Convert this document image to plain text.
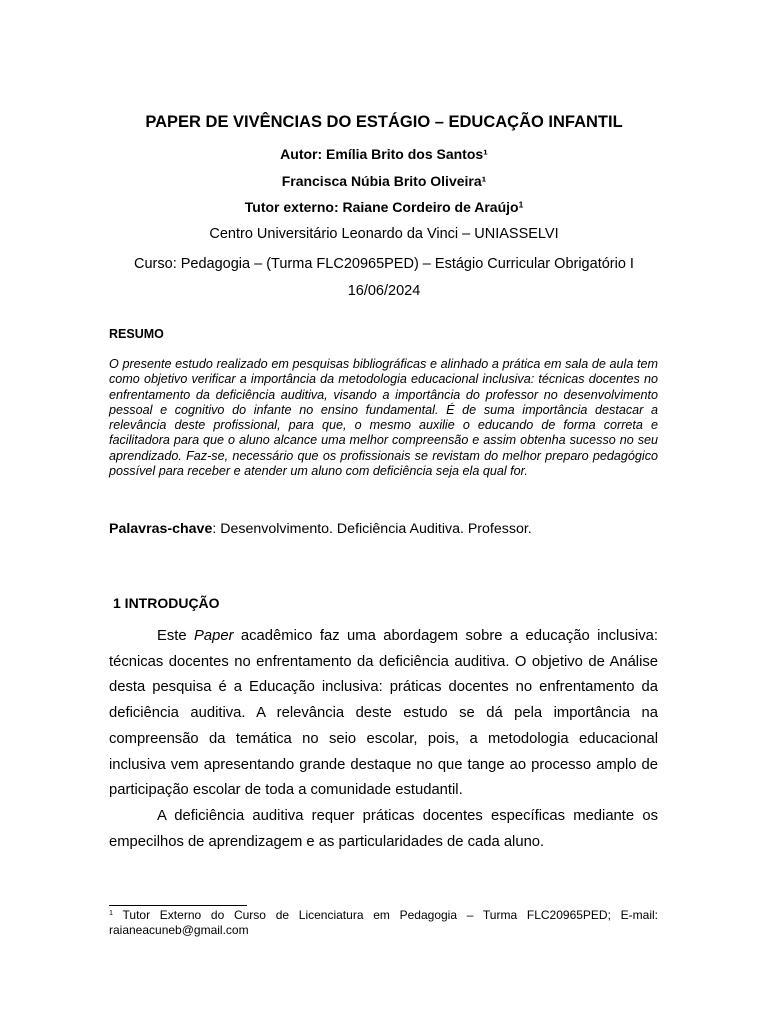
PAPER DE VIVÊNCIAS DO ESTÁGIO – EDUCAÇÃO INFANTIL
Autor: Emília Brito dos Santos¹
Francisca Núbia Brito Oliveira¹
Tutor externo: Raiane Cordeiro de Araújo$^1$
Centro Universitário Leonardo da Vinci – UNIASSELVI
Curso: Pedagogia – (Turma FLC20965PED) – Estágio Curricular Obrigatório I
16/06/2024
RESUMO
O presente estudo realizado em pesquisas bibliográficas e alinhado a prática em sala de aula tem como objetivo verificar a importância da metodologia educacional inclusiva: técnicas docentes no enfrentamento da deficiência auditiva, visando a importância do professor no desenvolvimento pessoal e cognitivo do infante no ensino fundamental. É de suma importância destacar a relevância deste profissional, para que, o mesmo auxilie o educando de forma correta e facilitadora para que o aluno alcance uma melhor compreensão e assim obtenha sucesso no seu aprendizado. Faz-se, necessário que os profissionais se revistam do melhor preparo pedagógico possível para receber e atender um aluno com deficiência seja ela qual for.
Palavras-chave: Desenvolvimento. Deficiência Auditiva. Professor.
1 INTRODUÇÃO

Este Paper acadêmico faz uma abordagem sobre a educação inclusiva: técnicas docentes no enfrentamento da deficiência auditiva. O objetivo de Análise desta pesquisa é a Educação inclusiva: práticas docentes no enfrentamento da deficiência auditiva. A relevância deste estudo se dá pela importância na compreensão da temática no seio escolar, pois, a metodologia educacional inclusiva vem apresentando grande destaque no que tange ao processo amplo de participação escolar de toda a comunidade estudantil.

A deficiência auditiva requer práticas docentes específicas mediante os empecilhos de aprendizagem e as particularidades de cada aluno.

$^1$ Tutor Externo do Curso de Licenciatura em Pedagogia – Turma FLC20965PED; E-mail: raianeacuneb@gmail.com
